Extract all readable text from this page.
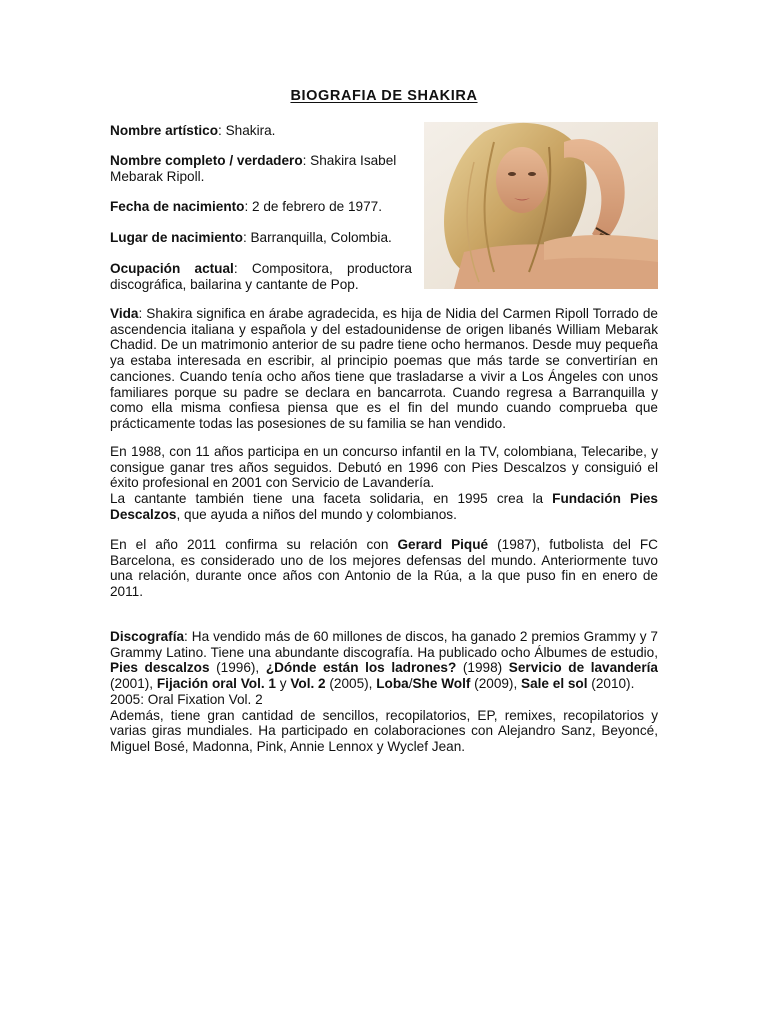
BIOGRAFIA DE SHAKIRA
Nombre artístico: Shakira.
Nombre completo / verdadero: Shakira Isabel Mebarak Ripoll.
Fecha de nacimiento: 2 de febrero de 1977.
Lugar de nacimiento: Barranquilla, Colombia.
Ocupación actual: Compositora, productora discográfica, bailarina y cantante de Pop.
Vida: Shakira significa en árabe agradecida, es hija de Nidia del Carmen Ripoll Torrado de ascendencia italiana y española y del estadounidense de origen libanés William Mebarak Chadid. De un matrimonio anterior de su padre tiene ocho hermanos. Desde muy pequeña ya estaba interesada en escribir, al principio poemas que más tarde se convertirían en canciones. Cuando tenía ocho años tiene que trasladarse a vivir a Los Ángeles con unos familiares porque su padre se declara en bancarrota. Cuando regresa a Barranquilla y como ella misma confiesa piensa que es el fin del mundo cuando comprueba que prácticamente todas las posesiones de su familia se han vendido.
En 1988, con 11 años participa en un concurso infantil en la TV, colombiana, Telecaribe, y consigue ganar tres años seguidos. Debutó en 1996 con Pies Descalzos y consiguió el éxito profesional en 2001 con Servicio de Lavandería.
La cantante también tiene una faceta solidaria, en 1995 crea la Fundación Pies Descalzos, que ayuda a niños del mundo y colombianos.
En el año 2011 confirma su relación con Gerard Piqué (1987), futbolista del FC Barcelona, es considerado uno de los mejores defensas del mundo. Anteriormente tuvo una relación, durante once años con Antonio de la Rúa, a la que puso fin en enero de 2011.
Discografía: Ha vendido más de 60 millones de discos, ha ganado 2 premios Grammy y 7 Grammy Latino. Tiene una abundante discografía. Ha publicado ocho Álbumes de estudio, Pies descalzos (1996), ¿Dónde están los ladrones? (1998) Servicio de lavandería (2001), Fijación oral Vol. 1 y Vol. 2 (2005), Loba/She Wolf (2009), Sale el sol (2010).
2005: Oral Fixation Vol. 2
Además, tiene gran cantidad de sencillos, recopilatorios, EP, remixes, recopilatorios y varias giras mundiales. Ha participado en colaboraciones con Alejandro Sanz, Beyoncé, Miguel Bosé, Madonna, Pink, Annie Lennox y Wyclef Jean.
